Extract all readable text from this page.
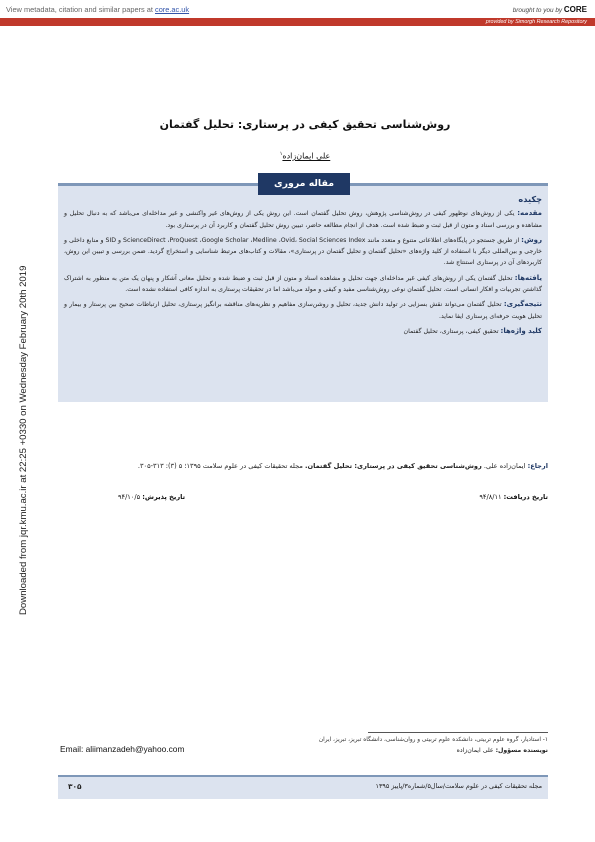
View metadata, citation and similar papers at core.ac.uk	brought to you by CORE
provided by Simorgh Research Repository
Downloaded from jqr.kmu.ac.ir at 22:25 +0330 on Wednesday February 20th 2019
روش‌شناسی تحقیق کیفی در پرستاری: تحلیل گفتمان
علی ایمان‌زاده$^۱$
چکیده

مقدمه: یکی از روش‌های نوظهور کیفی در روش‌شناسی پژوهش، روش تحلیل گفتمان است. این روش یکی از روش‌های غیر واکنشی و غیر مداخله‌ای می‌باشد که به دنبال تحلیل و مشاهده و بررسی اسناد و متون از قبل ثبت و ضبط شده است. هدف از انجام مطالعه حاضر، تبیین روش تحلیل گفتمان و کاربرد آن در پرستاری بود.

روش: از طریق جستجو در پایگاه‌های اطلاعاتی متنوع و متعدد مانند ScienceDirect ،ProQuest ،Google Scholar ،Medline ،Ovid، Social Sciences Index و SID و منابع داخلی و خارجی و بین‌المللی دیگر با استفاده از کلید واژه‌های «تحلیل گفتمان و تحلیل گفتمان در پرستاری»، مقالات و کتاب‌های مرتبط شناسایی و استخراج گردید. ضمن بررسی و تبیین این روش، کاربردهای آن در پرستاری استنتاج شد.

یافته‌ها: تحلیل گفتمان یکی از روش‌های کیفی غیر مداخله‌ای جهت تحلیل و مشاهده اسناد و متون از قبل ثبت و ضبط شده و تحلیل معانی آشکار و پنهان یک متن به منظور به اشتراک گذاشتن تجربیات و افکار انسانی است. تحلیل گفتمان نوعی روش‌شناسی مفید و کیفی و مولد می‌باشد اما در تحقیقات پرستاری به اندازه کافی استفاده نشده است.

نتیجه‌گیری: تحلیل گفتمان می‌تواند نقش بسزایی در تولید دانش جدید، تحلیل و روشن‌سازی مفاهیم و نظریه‌های مناقشه برانگیز پرستاری، تحلیل ارتباطات صحیح بین پرستار و بیمار و تحلیل هویت حرفه‌ای پرستاری ایفا نماید.

کلید واژه‌ها: تحقیق کیفی، پرستاری، تحلیل گفتمان

مقاله مروری
ارجاع: ایمان‌زاده علی. روش‌شناسی تحقیق کیفی در پرستاری: تحلیل گفتمان. مجله تحقیقات کیفی در علوم سلامت ۱۳۹۵؛ ۵ (۳): ۳۱۳-۳۰۵.
تاریخ دریافت: ۹۴/۸/۱۱
تاریخ پذیرش: ۹۴/۱۰/۵
۱- استادیار، گروه علوم تربیتی، دانشکده علوم تربیتی و روان‌شناسی، دانشگاه تبریز، تبریز، ایران
نویسنده مسؤول: علی ایمان‌زاده
Email: aliimanzadeh@yahoo.com
مجله تحقیقات کیفی در علوم سلامت/سال۵/شماره۳/پاییز ۱۳۹۵
۳۰۵
